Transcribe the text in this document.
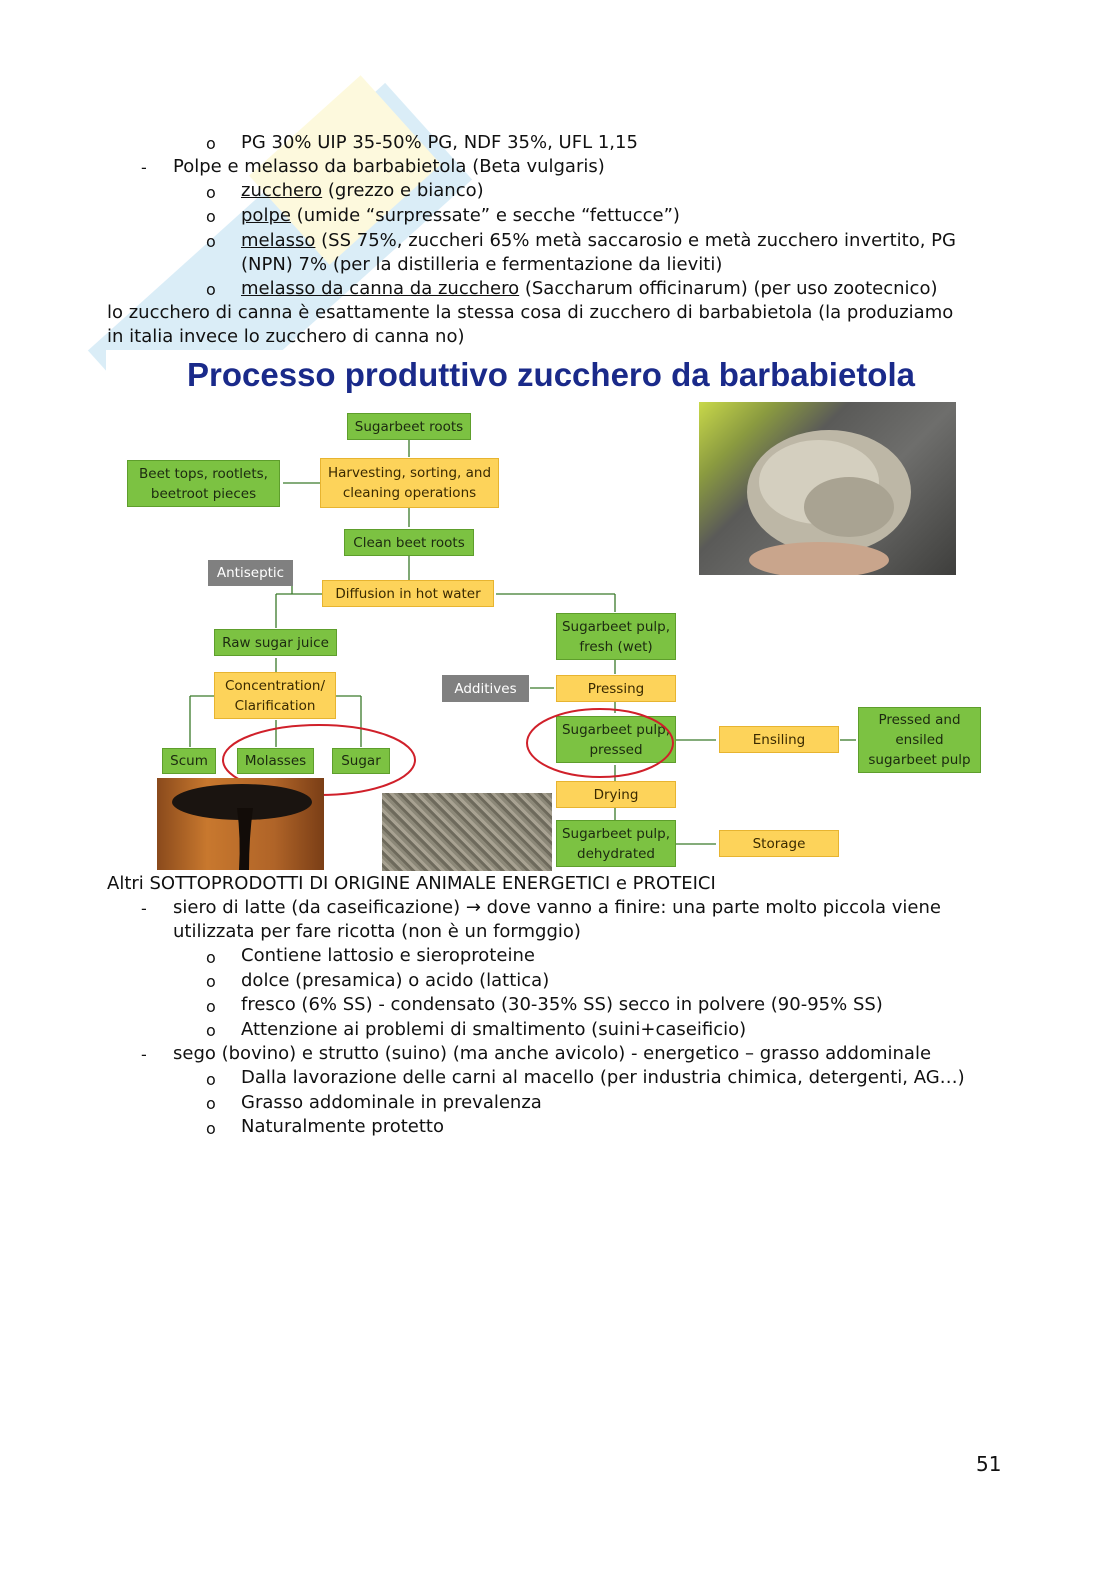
o PG 30% UIP 35-50% PG, NDF 35%, UFL 1,15
- Polpe e melasso da barbabietola (Beta vulgaris)
o zucchero (grezzo e bianco)
o polpe (umide “surpressate” e secche “fettucce”)
o melasso (SS 75%, zuccheri 65% metà saccarosio e metà zucchero invertito, PG
(NPN) 7% (per la distilleria e fermentazione da lieviti)
o melasso da canna da zucchero (Saccharum officinarum) (per uso zootecnico)
lo zucchero di canna è esattamente la stessa cosa di zucchero di barbabietola (la produziamo
in italia invece lo zucchero di canna no)
Processo produttivo zucchero da barbabietola
Sugarbeet roots
Beet tops, rootlets, beetroot pieces
Harvesting, sorting, and cleaning operations
Clean beet roots
Antiseptic
Diffusion in hot water
Raw sugar juice
Concentration/ Clarification
Scum	Molasses	Sugar
Sugarbeet pulp, fresh (wet)
Additives	Pressing
Sugarbeet pulp, pressed
Ensiling
Pressed and ensiled sugarbeet pulp
Drying
Sugarbeet pulp, dehydrated
Storage
Altri SOTTOPRODOTTI DI ORIGINE ANIMALE ENERGETICI e PROTEICI
- siero di latte (da caseificazione) → dove vanno a finire: una parte molto piccola viene
utilizzata per fare ricotta (non è un formggio)
o Contiene lattosio e sieroproteine
o dolce (presamica) o acido (lattica)
o fresco (6% SS) - condensato (30-35% SS) secco in polvere (90-95% SS)
o Attenzione ai problemi di smaltimento (suini+caseificio)
- sego (bovino) e strutto (suino) (ma anche avicolo) - energetico – grasso addominale
o Dalla lavorazione delle carni al macello (per industria chimica, detergenti, AG…)
o Grasso addominale in prevalenza
o Naturalmente protetto
51
